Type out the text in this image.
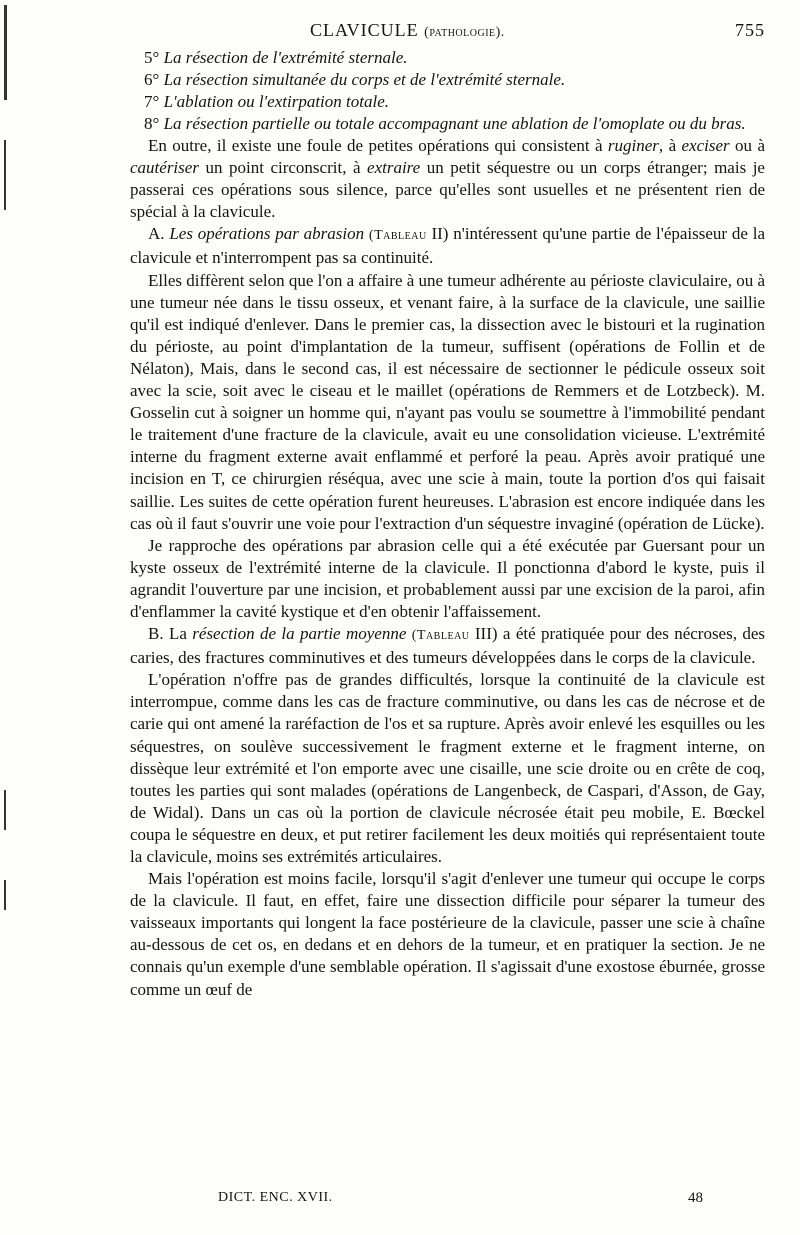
CLAVICULE (pathologie).	755

5° La résection de l'extrémité sternale.

6° La résection simultanée du corps et de l'extrémité sternale.

7° L'ablation ou l'extirpation totale.

8° La résection partielle ou totale accompagnant une ablation de l'omoplate ou du bras.

En outre, il existe une foule de petites opérations qui consistent à ruginer, à exciser ou à cautériser un point circonscrit, à extraire un petit séquestre ou un corps étranger; mais je passerai ces opérations sous silence, parce qu'elles sont usuelles et ne présentent rien de spécial à la clavicule.

A. Les opérations par abrasion (Tableau II) n'intéressent qu'une partie de l'épaisseur de la clavicule et n'interrompent pas sa continuité.

Elles diffèrent selon que l'on a affaire à une tumeur adhérente au périoste claviculaire, ou à une tumeur née dans le tissu osseux, et venant faire, à la surface de la clavicule, une saillie qu'il est indiqué d'enlever. Dans le premier cas, la dissection avec le bistouri et la rugination du périoste, au point d'implantation de la tumeur, suffisent (opérations de Follin et de Nélaton), Mais, dans le second cas, il est nécessaire de sectionner le pédicule osseux soit avec la scie, soit avec le ciseau et le maillet (opérations de Remmers et de Lotzbeck). M. Gosselin cut à soigner un homme qui, n'ayant pas voulu se soumettre à l'immobilité pendant le traitement d'une fracture de la clavicule, avait eu une consolidation vicieuse. L'extrémité interne du fragment externe avait enflammé et perforé la peau. Après avoir pratiqué une incision en T, ce chirurgien réséqua, avec une scie à main, toute la portion d'os qui faisait saillie. Les suites de cette opération furent heureuses. L'abrasion est encore indiquée dans les cas où il faut s'ouvrir une voie pour l'extraction d'un séquestre invaginé (opération de Lücke).

Je rapproche des opérations par abrasion celle qui a été exécutée par Guersant pour un kyste osseux de l'extrémité interne de la clavicule. Il ponctionna d'abord le kyste, puis il agrandit l'ouverture par une incision, et probablement aussi par une excision de la paroi, afin d'enflammer la cavité kystique et d'en obtenir l'affaissement.

B. La résection de la partie moyenne (Tableau III) a été pratiquée pour des nécroses, des caries, des fractures comminutives et des tumeurs développées dans le corps de la clavicule.

L'opération n'offre pas de grandes difficultés, lorsque la continuité de la clavicule est interrompue, comme dans les cas de fracture comminutive, ou dans les cas de nécrose et de carie qui ont amené la raréfaction de l'os et sa rupture. Après avoir enlevé les esquilles ou les séquestres, on soulève successivement le fragment externe et le fragment interne, on dissèque leur extrémité et l'on emporte avec une cisaille, une scie droite ou en crête de coq, toutes les parties qui sont malades (opérations de Langenbeck, de Caspari, d'Asson, de Gay, de Widal). Dans un cas où la portion de clavicule nécrosée était peu mobile, E. Bœckel coupa le séquestre en deux, et put retirer facilement les deux moitiés qui représentaient toute la clavicule, moins ses extrémités articulaires.

Mais l'opération est moins facile, lorsqu'il s'agit d'enlever une tumeur qui occupe le corps de la clavicule. Il faut, en effet, faire une dissection difficile pour séparer la tumeur des vaisseaux importants qui longent la face postérieure de la clavicule, passer une scie à chaîne au-dessous de cet os, en dedans et en dehors de la tumeur, et en pratiquer la section. Je ne connais qu'un exemple d'une semblable opération. Il s'agissait d'une exostose éburnée, grosse comme un œuf de

DICT. ENC. XVII.	48
